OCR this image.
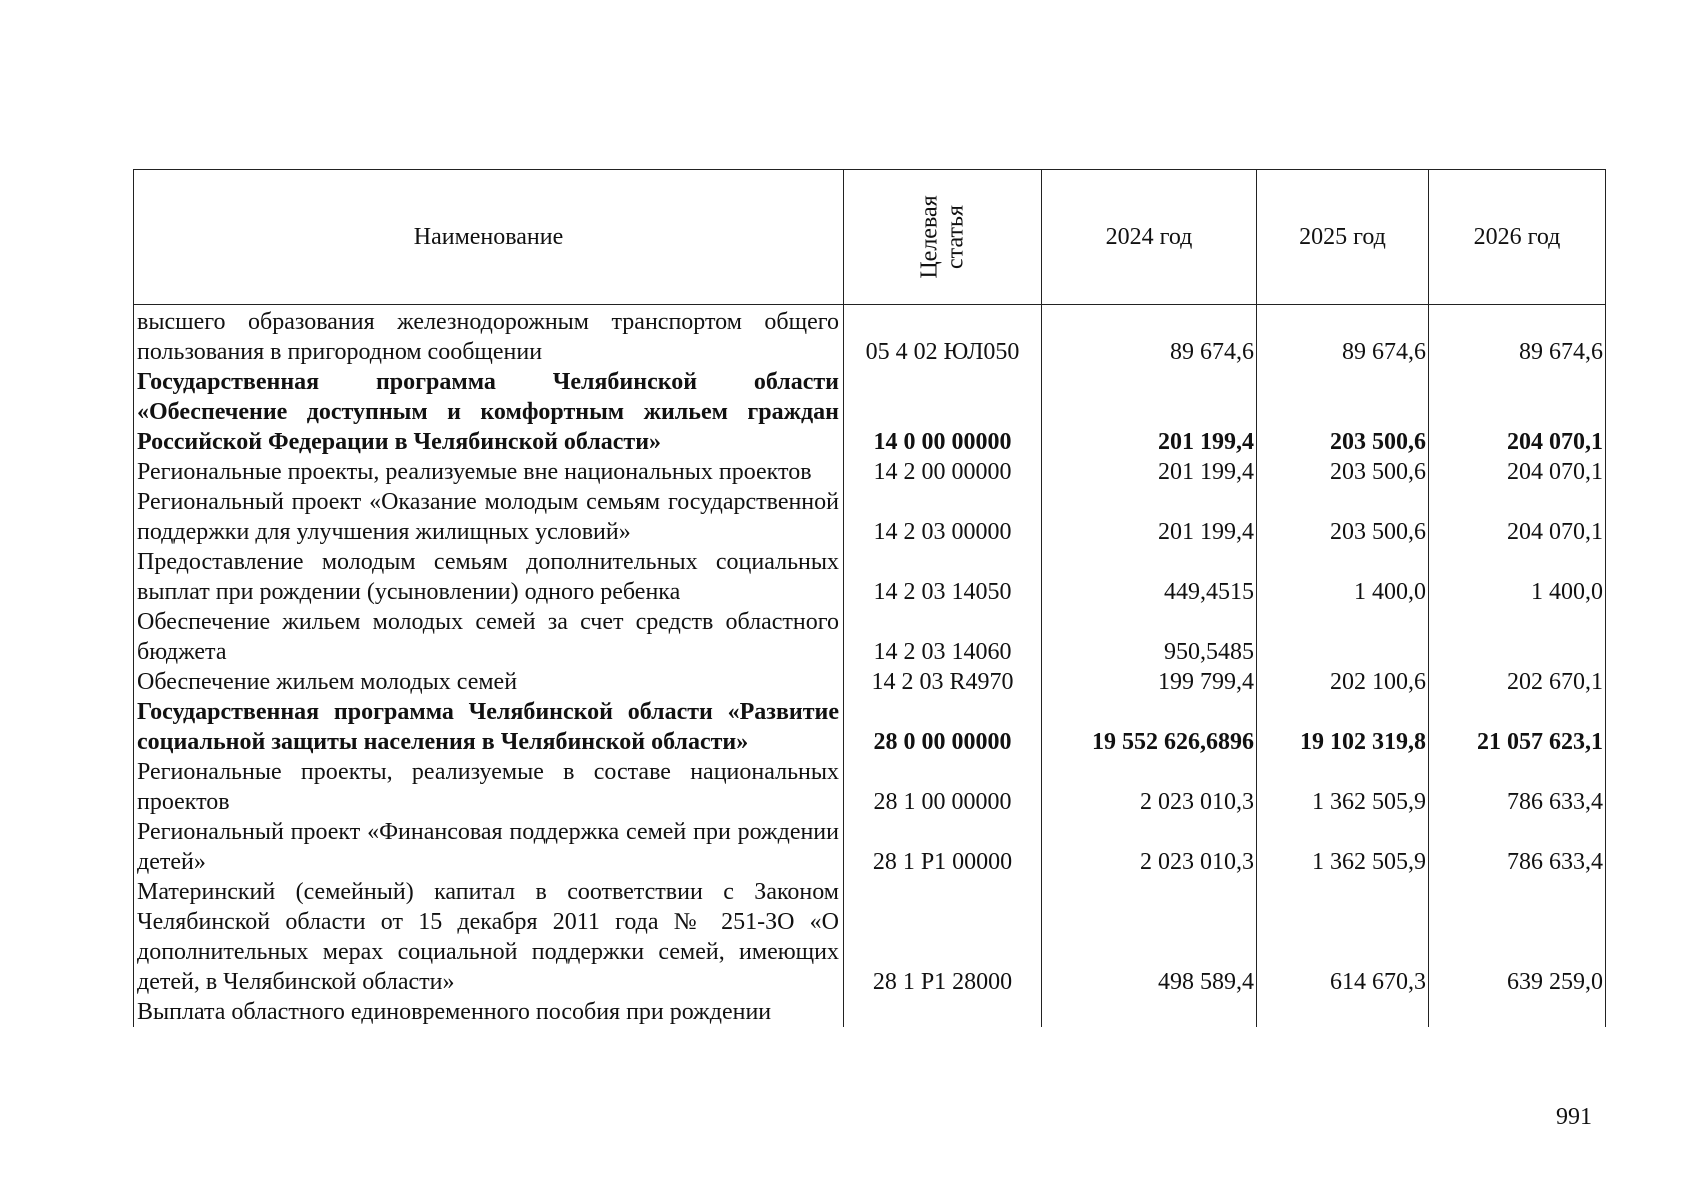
Наименование	Целевая статья	2024 год	2025 год	2026 год
высшего образования железнодорожным транспортом общего пользования в пригородном сообщении	05 4 02 ЮЛ050	89 674,6	89 674,6	89 674,6
Государственная программа Челябинской области «Обеспечение доступным и комфортным жильем граждан Российской Федерации в Челябинской области»	14 0 00 00000	201 199,4	203 500,6	204 070,1
Региональные проекты, реализуемые вне национальных проектов	14 2 00 00000	201 199,4	203 500,6	204 070,1
Региональный проект «Оказание молодым семьям государственной поддержки для улучшения жилищных условий»	14 2 03 00000	201 199,4	203 500,6	204 070,1
Предоставление молодым семьям дополнительных социальных выплат при рождении (усыновлении) одного ребенка	14 2 03 14050	449,4515	1 400,0	1 400,0
Обеспечение жильем молодых семей за счет средств областного бюджета	14 2 03 14060	950,5485		
Обеспечение жильем молодых семей	14 2 03 R4970	199 799,4	202 100,6	202 670,1
Государственная программа Челябинской области «Развитие социальной защиты населения в Челябинской области»	28 0 00 00000	19 552 626,6896	19 102 319,8	21 057 623,1
Региональные проекты, реализуемые в составе национальных проектов	28 1 00 00000	2 023 010,3	1 362 505,9	786 633,4
Региональный проект «Финансовая поддержка семей при рождении детей»	28 1 P1 00000	2 023 010,3	1 362 505,9	786 633,4
Материнский (семейный) капитал в соответствии с Законом Челябинской области от 15 декабря 2011 года № 251-ЗО «О дополнительных мерах социальной поддержки семей, имеющих детей, в Челябинской области»	28 1 P1 28000	498 589,4	614 670,3	639 259,0
Выплата областного единовременного пособия при рождении				
991
